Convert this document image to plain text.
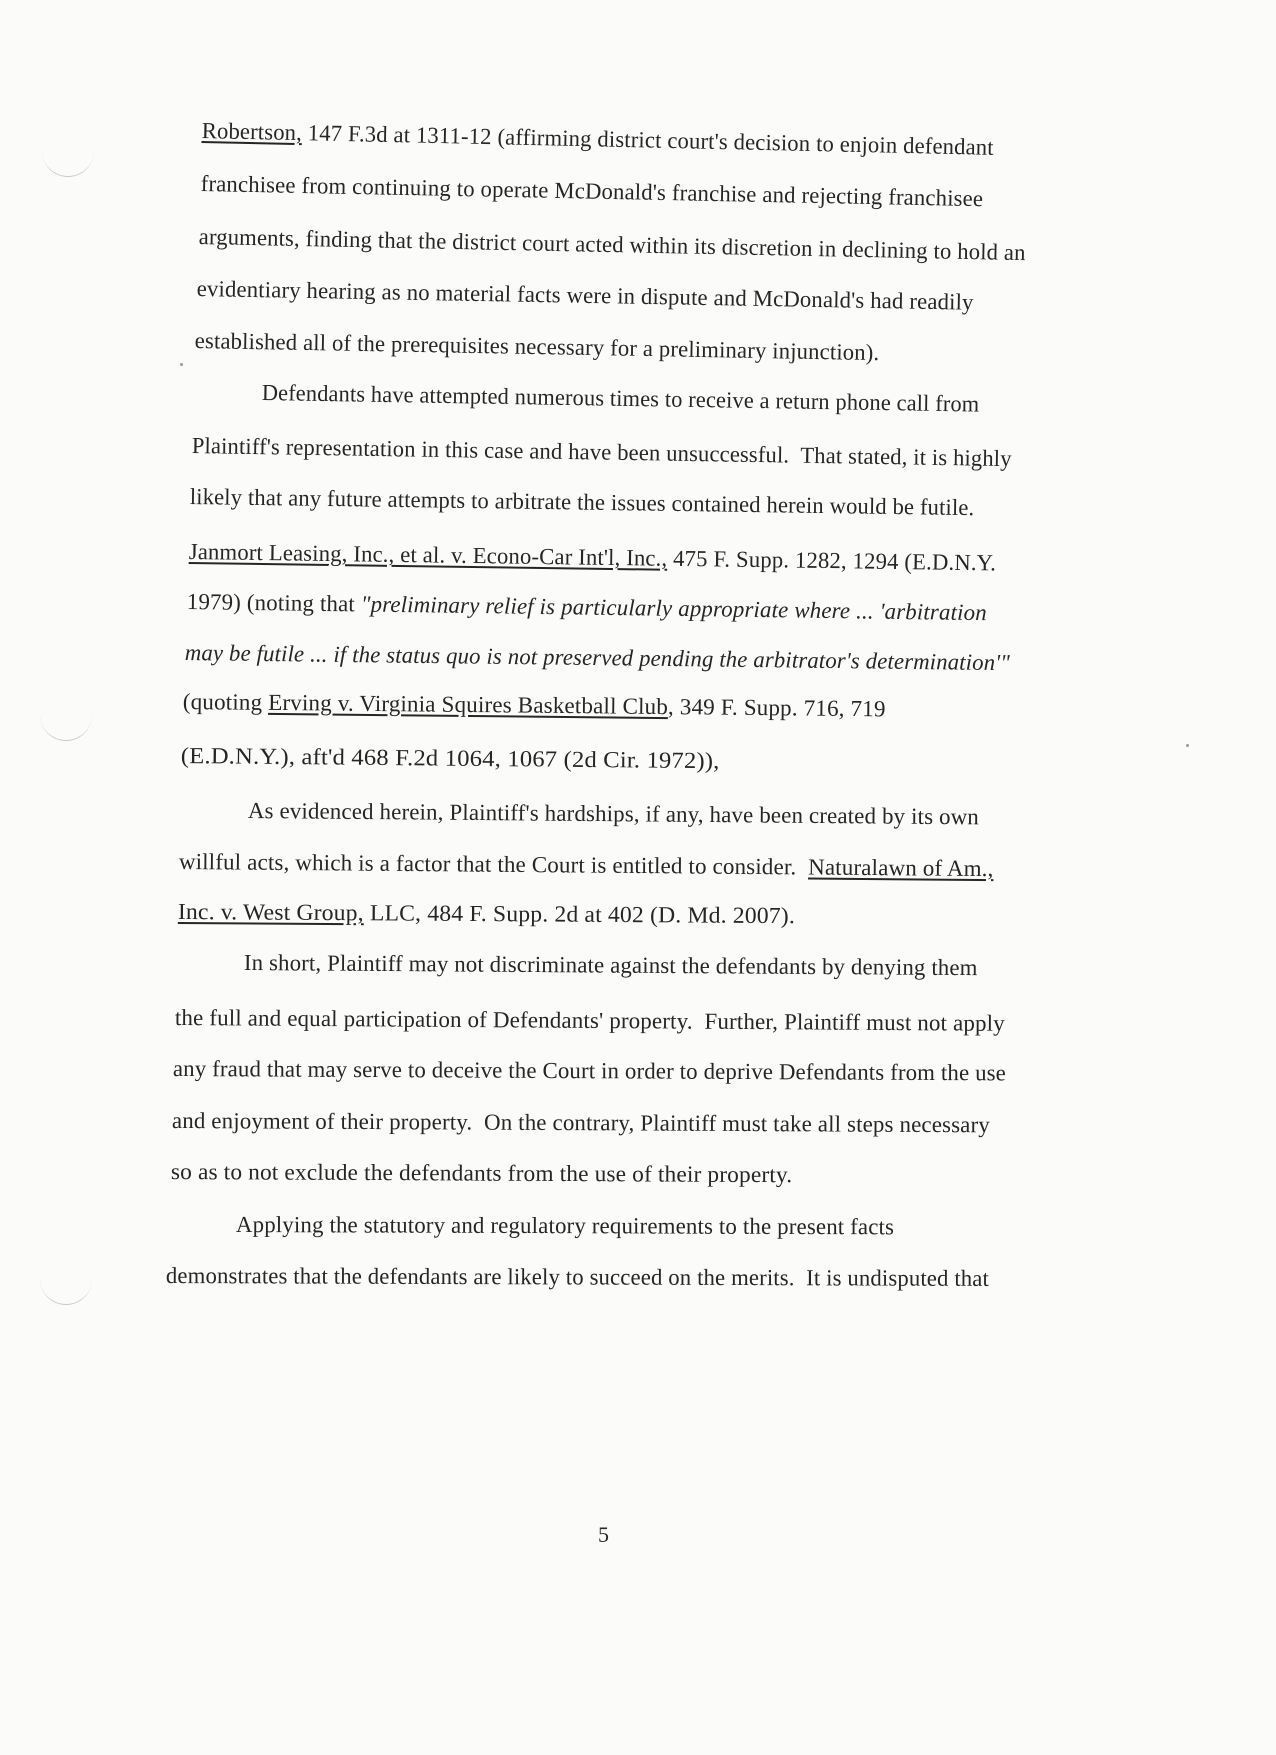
Robertson, 147 F.3d at 1311-12 (affirming district court's decision to enjoin defendant
franchisee from continuing to operate McDonald's franchise and rejecting franchisee
arguments, finding that the district court acted within its discretion in declining to hold an
evidentiary hearing as no material facts were in dispute and McDonald's had readily
established all of the prerequisites necessary for a preliminary injunction).
Defendants have attempted numerous times to receive a return phone call from
Plaintiff's representation in this case and have been unsuccessful.  That stated, it is highly
likely that any future attempts to arbitrate the issues contained herein would be futile.
Janmort Leasing, Inc., et al. v. Econo-Car Int'l, Inc., 475 F. Supp. 1282, 1294 (E.D.N.Y.
1979) (noting that "preliminary relief is particularly appropriate where ... 'arbitration
may be futile ... if the status quo is not preserved pending the arbitrator's determination'"
(quoting Erving v. Virginia Squires Basketball Club, 349 F. Supp. 716, 719
(E.D.N.Y.), aft'd 468 F.2d 1064, 1067 (2d Cir. 1972)),
As evidenced herein, Plaintiff's hardships, if any, have been created by its own
willful acts, which is a factor that the Court is entitled to consider.  Naturalawn of Am.,
Inc. v. West Group, LLC, 484 F. Supp. 2d at 402 (D. Md. 2007).
In short, Plaintiff may not discriminate against the defendants by denying them
the full and equal participation of Defendants' property.  Further, Plaintiff must not apply
any fraud that may serve to deceive the Court in order to deprive Defendants from the use
and enjoyment of their property.  On the contrary, Plaintiff must take all steps necessary
so as to not exclude the defendants from the use of their property.
Applying the statutory and regulatory requirements to the present facts
demonstrates that the defendants are likely to succeed on the merits.  It is undisputed that
5
